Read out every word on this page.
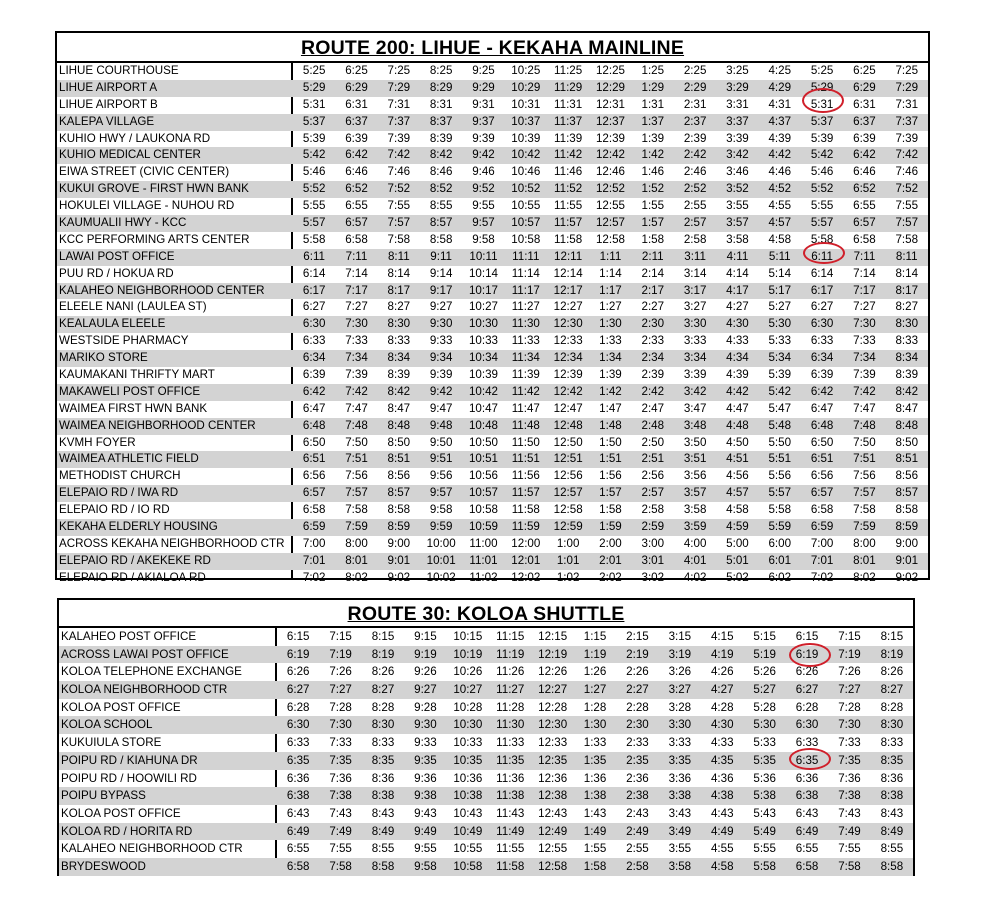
ROUTE 200: LIHUE - KEKAHA MAINLINE
LIHUE COURTHOUSE	5:25	6:25	7:25	8:25	9:25	10:25	11:25	12:25	1:25	2:25	3:25	4:25	5:25	6:25	7:25
LIHUE AIRPORT A	5:29	6:29	7:29	8:29	9:29	10:29	11:29	12:29	1:29	2:29	3:29	4:29	5:29	6:29	7:29
LIHUE AIRPORT B	5:31	6:31	7:31	8:31	9:31	10:31	11:31	12:31	1:31	2:31	3:31	4:31	5:31	6:31	7:31
KALEPA VILLAGE	5:37	6:37	7:37	8:37	9:37	10:37	11:37	12:37	1:37	2:37	3:37	4:37	5:37	6:37	7:37
KUHIO HWY / LAUKONA RD	5:39	6:39	7:39	8:39	9:39	10:39	11:39	12:39	1:39	2:39	3:39	4:39	5:39	6:39	7:39
KUHIO MEDICAL CENTER	5:42	6:42	7:42	8:42	9:42	10:42	11:42	12:42	1:42	2:42	3:42	4:42	5:42	6:42	7:42
EIWA STREET (CIVIC CENTER)	5:46	6:46	7:46	8:46	9:46	10:46	11:46	12:46	1:46	2:46	3:46	4:46	5:46	6:46	7:46
KUKUI GROVE - FIRST HWN BANK	5:52	6:52	7:52	8:52	9:52	10:52	11:52	12:52	1:52	2:52	3:52	4:52	5:52	6:52	7:52
HOKULEI VILLAGE - NUHOU RD	5:55	6:55	7:55	8:55	9:55	10:55	11:55	12:55	1:55	2:55	3:55	4:55	5:55	6:55	7:55
KAUMUALII HWY - KCC	5:57	6:57	7:57	8:57	9:57	10:57	11:57	12:57	1:57	2:57	3:57	4:57	5:57	6:57	7:57
KCC PERFORMING ARTS CENTER	5:58	6:58	7:58	8:58	9:58	10:58	11:58	12:58	1:58	2:58	3:58	4:58	5:58	6:58	7:58
LAWAI POST OFFICE	6:11	7:11	8:11	9:11	10:11	11:11	12:11	1:11	2:11	3:11	4:11	5:11	6:11	7:11	8:11
PUU RD / HOKUA RD	6:14	7:14	8:14	9:14	10:14	11:14	12:14	1:14	2:14	3:14	4:14	5:14	6:14	7:14	8:14
KALAHEO NEIGHBORHOOD CENTER	6:17	7:17	8:17	9:17	10:17	11:17	12:17	1:17	2:17	3:17	4:17	5:17	6:17	7:17	8:17
ELEELE NANI (LAULEA ST)	6:27	7:27	8:27	9:27	10:27	11:27	12:27	1:27	2:27	3:27	4:27	5:27	6:27	7:27	8:27
KEALAULA ELEELE	6:30	7:30	8:30	9:30	10:30	11:30	12:30	1:30	2:30	3:30	4:30	5:30	6:30	7:30	8:30
WESTSIDE PHARMACY	6:33	7:33	8:33	9:33	10:33	11:33	12:33	1:33	2:33	3:33	4:33	5:33	6:33	7:33	8:33
MARIKO STORE	6:34	7:34	8:34	9:34	10:34	11:34	12:34	1:34	2:34	3:34	4:34	5:34	6:34	7:34	8:34
KAUMAKANI THRIFTY MART	6:39	7:39	8:39	9:39	10:39	11:39	12:39	1:39	2:39	3:39	4:39	5:39	6:39	7:39	8:39
MAKAWELI POST OFFICE	6:42	7:42	8:42	9:42	10:42	11:42	12:42	1:42	2:42	3:42	4:42	5:42	6:42	7:42	8:42
WAIMEA FIRST HWN BANK	6:47	7:47	8:47	9:47	10:47	11:47	12:47	1:47	2:47	3:47	4:47	5:47	6:47	7:47	8:47
WAIMEA NEIGHBORHOOD CENTER	6:48	7:48	8:48	9:48	10:48	11:48	12:48	1:48	2:48	3:48	4:48	5:48	6:48	7:48	8:48
KVMH FOYER	6:50	7:50	8:50	9:50	10:50	11:50	12:50	1:50	2:50	3:50	4:50	5:50	6:50	7:50	8:50
WAIMEA ATHLETIC FIELD	6:51	7:51	8:51	9:51	10:51	11:51	12:51	1:51	2:51	3:51	4:51	5:51	6:51	7:51	8:51
METHODIST CHURCH	6:56	7:56	8:56	9:56	10:56	11:56	12:56	1:56	2:56	3:56	4:56	5:56	6:56	7:56	8:56
ELEPAIO RD / IWA RD	6:57	7:57	8:57	9:57	10:57	11:57	12:57	1:57	2:57	3:57	4:57	5:57	6:57	7:57	8:57
ELEPAIO RD / IO RD	6:58	7:58	8:58	9:58	10:58	11:58	12:58	1:58	2:58	3:58	4:58	5:58	6:58	7:58	8:58
KEKAHA ELDERLY HOUSING	6:59	7:59	8:59	9:59	10:59	11:59	12:59	1:59	2:59	3:59	4:59	5:59	6:59	7:59	8:59
ACROSS KEKAHA NEIGHBORHOOD CTR	7:00	8:00	9:00	10:00	11:00	12:00	1:00	2:00	3:00	4:00	5:00	6:00	7:00	8:00	9:00
ELEPAIO RD / AKEKEKE RD	7:01	8:01	9:01	10:01	11:01	12:01	1:01	2:01	3:01	4:01	5:01	6:01	7:01	8:01	9:01
ELEPAIO RD / AKIALOA RD	7:02	8:02	9:02	10:02	11:02	12:02	1:02	2:02	3:02	4:02	5:02	6:02	7:02	8:02	9:02
ROUTE 30: KOLOA SHUTTLE
KALAHEO POST OFFICE	6:15	7:15	8:15	9:15	10:15	11:15	12:15	1:15	2:15	3:15	4:15	5:15	6:15	7:15	8:15
ACROSS LAWAI POST OFFICE	6:19	7:19	8:19	9:19	10:19	11:19	12:19	1:19	2:19	3:19	4:19	5:19	6:19	7:19	8:19
KOLOA TELEPHONE EXCHANGE	6:26	7:26	8:26	9:26	10:26	11:26	12:26	1:26	2:26	3:26	4:26	5:26	6:26	7:26	8:26
KOLOA NEIGHBORHOOD CTR	6:27	7:27	8:27	9:27	10:27	11:27	12:27	1:27	2:27	3:27	4:27	5:27	6:27	7:27	8:27
KOLOA POST OFFICE	6:28	7:28	8:28	9:28	10:28	11:28	12:28	1:28	2:28	3:28	4:28	5:28	6:28	7:28	8:28
KOLOA SCHOOL	6:30	7:30	8:30	9:30	10:30	11:30	12:30	1:30	2:30	3:30	4:30	5:30	6:30	7:30	8:30
KUKUIULA STORE	6:33	7:33	8:33	9:33	10:33	11:33	12:33	1:33	2:33	3:33	4:33	5:33	6:33	7:33	8:33
POIPU RD / KIAHUNA DR	6:35	7:35	8:35	9:35	10:35	11:35	12:35	1:35	2:35	3:35	4:35	5:35	6:35	7:35	8:35
POIPU RD / HOOWILI RD	6:36	7:36	8:36	9:36	10:36	11:36	12:36	1:36	2:36	3:36	4:36	5:36	6:36	7:36	8:36
POIPU BYPASS	6:38	7:38	8:38	9:38	10:38	11:38	12:38	1:38	2:38	3:38	4:38	5:38	6:38	7:38	8:38
KOLOA POST OFFICE	6:43	7:43	8:43	9:43	10:43	11:43	12:43	1:43	2:43	3:43	4:43	5:43	6:43	7:43	8:43
KOLOA RD / HORITA RD	6:49	7:49	8:49	9:49	10:49	11:49	12:49	1:49	2:49	3:49	4:49	5:49	6:49	7:49	8:49
KALAHEO NEIGHBORHOOD CTR	6:55	7:55	8:55	9:55	10:55	11:55	12:55	1:55	2:55	3:55	4:55	5:55	6:55	7:55	8:55
BRYDESWOOD	6:58	7:58	8:58	9:58	10:58	11:58	12:58	1:58	2:58	3:58	4:58	5:58	6:58	7:58	8:58
